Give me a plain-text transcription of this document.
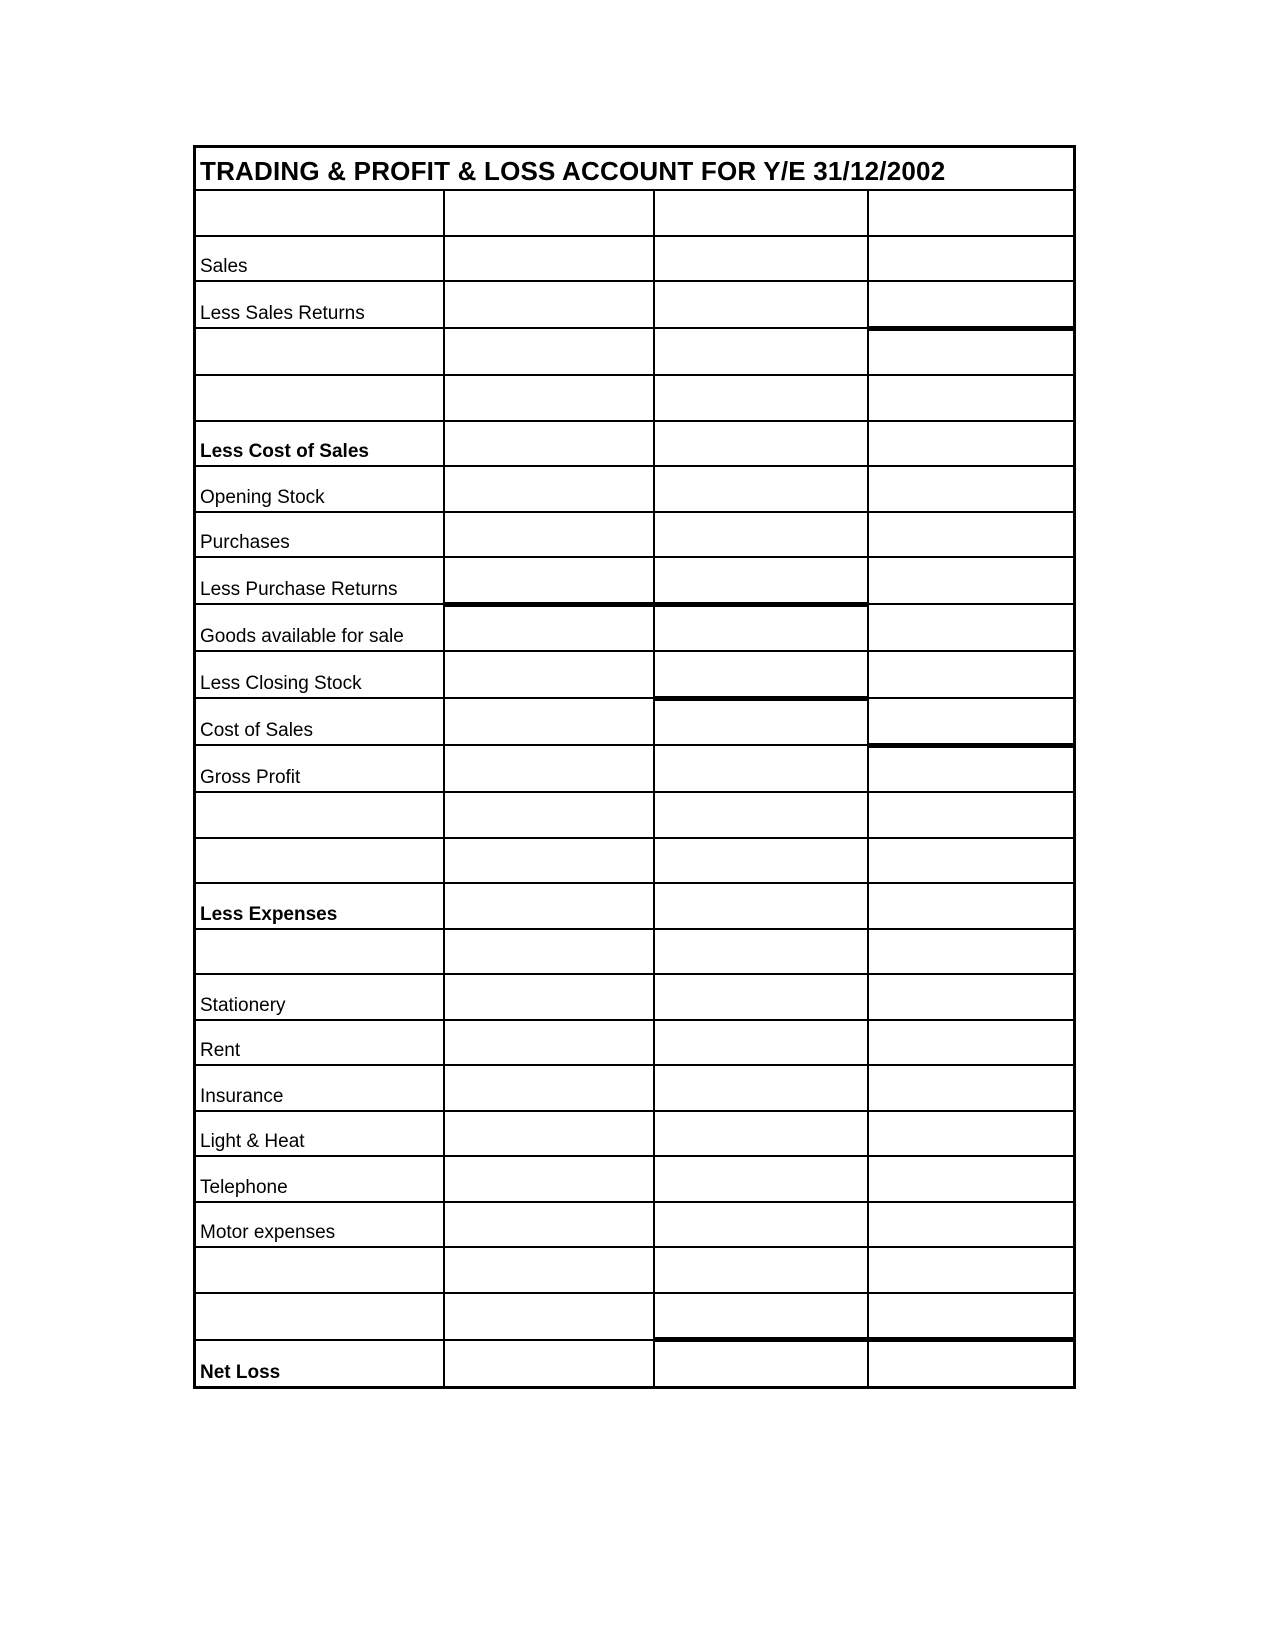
TRADING & PROFIT & LOSS ACCOUNT FOR Y/E 31/12/2002			

Sales			
Less Sales Returns			

Less Cost of Sales			
Opening Stock			
Purchases			
Less Purchase Returns			
Goods available for sale			
Less Closing Stock			
Cost of Sales			
Gross Profit			

Less Expenses			

Stationery			
Rent			
Insurance			
Light & Heat			
Telephone			
Motor expenses			

Net Loss			
